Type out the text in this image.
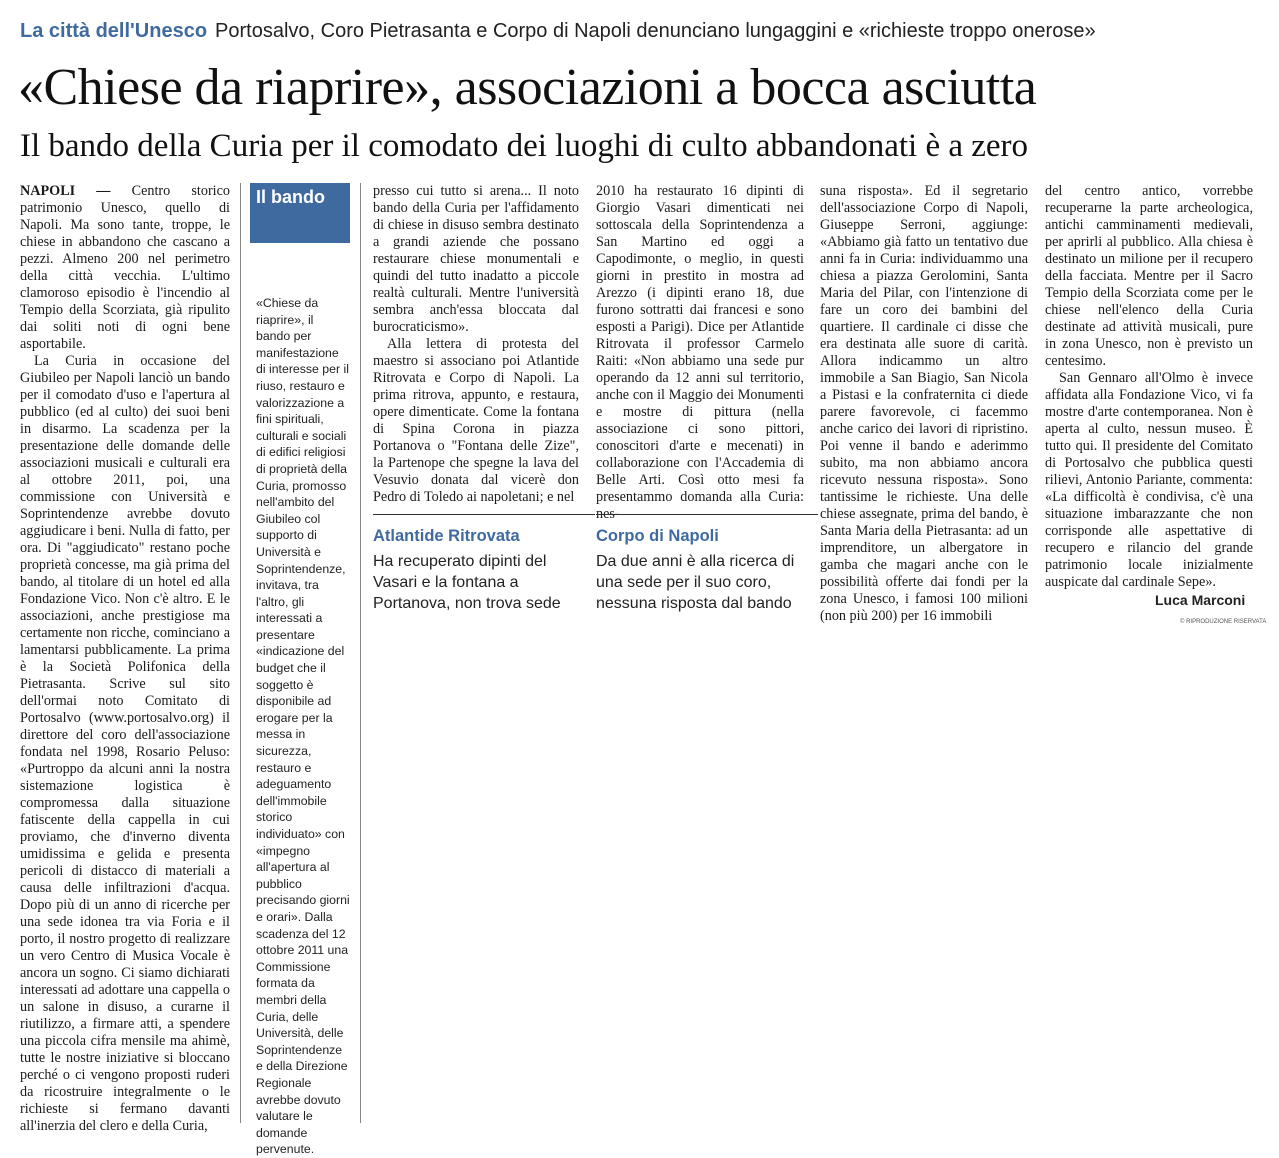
La città dell'Unesco Portosalvo, Coro Pietrasanta e Corpo di Napoli denunciano lungaggini e «richieste troppo onerose»
«Chiese da riaprire», associazioni a bocca asciutta
Il bando della Curia per il comodato dei luoghi di culto abbandonati è a zero

NAPOLI — Centro storico patrimonio Unesco, quello di Napoli. Ma sono tante, troppe, le chiese in abbandono che cascano a pezzi. Almeno 200 nel perimetro della città vecchia. L'ultimo clamoroso episodio è l'incendio al Tempio della Scorziata, già ripulito dai soliti noti di ogni bene asportabile.

La Curia in occasione del Giubileo per Napoli lanciò un bando per il comodato d'uso e l'apertura al pubblico (ed al culto) dei suoi beni in disarmo. La scadenza per la presentazione delle domande delle associazioni musicali e culturali era al ottobre 2011, poi, una commissione con Università e Soprintendenze avrebbe dovuto aggiudicare i beni. Nulla di fatto, per ora. Di "aggiudicato" restano poche proprietà concesse, ma già prima del bando, al titolare di un hotel ed alla Fondazione Vico. Non c'è altro. E le associazioni, anche prestigiose ma certamente non ricche, cominciano a lamentarsi pubblicamente. La prima è la Società Polifonica della Pietrasanta. Scrive sul sito dell'ormai noto Comitato di Portosalvo (www.portosalvo.org) il direttore del coro dell'associazione fondata nel 1998, Rosario Peluso: «Purtroppo da alcuni anni la nostra sistemazione logistica è compromessa dalla situazione fatiscente della cappella in cui proviamo, che d'inverno diventa umidissima e gelida e presenta pericoli di distacco di materiali a causa delle infiltrazioni d'acqua. Dopo più di un anno di ricerche per una sede idonea tra via Foria e il porto, il nostro progetto di realizzare un vero Centro di Musica Vocale è ancora un sogno. Ci siamo dichiarati interessati ad adottare una cappella o un salone in disuso, a curarne il riutilizzo, a firmare atti, a spendere una piccola cifra mensile ma ahimè, tutte le nostre iniziative si bloccano perché o ci vengono proposti ruderi da ricostruire integralmente o le richieste si fermano davanti all'inerzia del clero e della Curia,

Il bando
«Chiese da riaprire», il bando per manifestazione di interesse per il riuso, restauro e valorizzazione a fini spirituali, culturali e sociali di edifici religiosi di proprietà della Curia, promosso nell'ambito del Giubileo col supporto di Università e Soprintendenze, invitava, tra l'altro, gli interessati a presentare «indicazione del budget che il soggetto è disponibile ad erogare per la messa in sicurezza, restauro e adeguamento dell'immobile storico individuato» con «impegno all'apertura al pubblico precisando giorni e orari». Dalla scadenza del 12 ottobre 2011 una Commissione formata da membri della Curia, delle Università, delle Soprintendenze e della Direzione Regionale avrebbe dovuto valutare le domande pervenute.

presso cui tutto si arena... Il noto bando della Curia per l'affidamento di chiese in disuso sembra destinato a grandi aziende che possano restaurare chiese monumentali e quindi del tutto inadatto a piccole realtà culturali. Mentre l'università sembra anch'essa bloccata dal burocraticismo».

Alla lettera di protesta del maestro si associano poi Atlantide Ritrovata e Corpo di Napoli. La prima ritrova, appunto, e restaura, opere dimenticate. Come la fontana di Spina Corona in piazza Portanova o "Fontana delle Zize", la Partenope che spegne la lava del Vesuvio donata dal vicerè don Pedro di Toledo ai napoletani; e nel

2010 ha restaurato 16 dipinti di Giorgio Vasari dimenticati nei sottoscala della Soprintendenza a San Martino ed oggi a Capodimonte, o meglio, in questi giorni in prestito in mostra ad Arezzo (i dipinti erano 18, due furono sottratti dai francesi e sono esposti a Parigi). Dice per Atlantide Ritrovata il professor Carmelo Raiti: «Non abbiamo una sede pur operando da 12 anni sul territorio, anche con il Maggio dei Monumenti e mostre di pittura (nella associazione ci sono pittori, conoscitori d'arte e mecenati) in collaborazione con l'Accademia di Belle Arti. Così otto mesi fa presentammo domanda alla Curia: nes-

Atlantide Ritrovata
Ha recuperato dipinti del Vasari e la fontana a Portanova, non trova sede
Corpo di Napoli
Da due anni è alla ricerca di una sede per il suo coro, nessuna risposta dal bando

suna risposta». Ed il segretario dell'associazione Corpo di Napoli, Giuseppe Serroni, aggiunge: «Abbiamo già fatto un tentativo due anni fa in Curia: individuammo una chiesa a piazza Gerolomini, Santa Maria del Pilar, con l'intenzione di fare un coro dei bambini del quartiere. Il cardinale ci disse che era destinata alle suore di carità. Allora indicammo un altro immobile a San Biagio, San Nicola a Pistasi e la confraternita ci diede parere favorevole, ci facemmo anche carico dei lavori di ripristino. Poi venne il bando e aderimmo subito, ma non abbiamo ancora ricevuto nessuna risposta». Sono tantissime le richieste. Una delle chiese assegnate, prima del bando, è Santa Maria della Pietrasanta: ad un imprenditore, un albergatore in gamba che magari anche con le possibilità offerte dai fondi per la zona Unesco, i famosi 100 milioni (non più 200) per 16 immobili

del centro antico, vorrebbe recuperarne la parte archeologica, antichi camminamenti medievali, per aprirli al pubblico. Alla chiesa è destinato un milione per il recupero della facciata. Mentre per il Sacro Tempio della Scorziata come per le chiese nell'elenco della Curia destinate ad attività musicali, pure in zona Unesco, non è previsto un centesimo.

San Gennaro all'Olmo è invece affidata alla Fondazione Vico, vi fa mostre d'arte contemporanea. Non è aperta al culto, nessun museo. È tutto qui. Il presidente del Comitato di Portosalvo che pubblica questi rilievi, Antonio Pariante, commenta: «La difficoltà è condivisa, c'è una situazione imbarazzante che non corrisponde alle aspettative di recupero e rilancio del grande patrimonio locale inizialmente auspicate dal cardinale Sepe».

Luca Marconi
© RIPRODUZIONE RISERVATA
